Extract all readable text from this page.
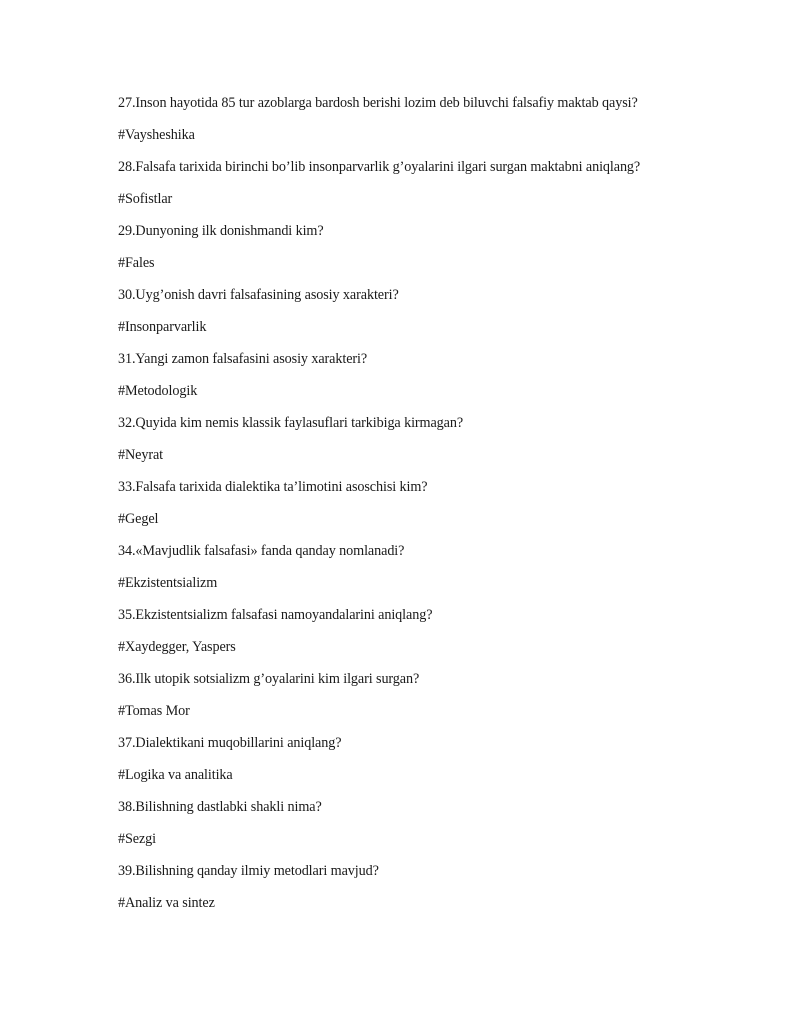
27.Inson hayotida 85 tur azoblarga bardosh berishi lozim deb biluvchi falsafiy maktab qaysi?
#Vaysheshika
28.Falsafa tarixida birinchi bo’lib insonparvarlik g’oyalarini ilgari surgan maktabni aniqlang?
#Sofistlar
29.Dunyoning ilk donishmandi kim?
#Fales
30.Uyg’onish davri falsafasining asosiy xarakteri?
#Insonparvarlik
31.Yangi zamon falsafasini asosiy xarakteri?
#Metodologik
32.Quyida kim nemis klassik faylasuflari tarkibiga kirmagan?
#Neyrat
33.Falsafa tarixida dialektika ta’limotini asoschisi kim?
#Gegel
34.«Mavjudlik falsafasi» fanda qanday nomlanadi?
#Ekzistentsializm
35.Ekzistentsializm falsafasi namoyandalarini aniqlang?
#Xaydegger, Yaspers
36.Ilk utopik sotsializm g’oyalarini kim ilgari surgan?
#Tomas Mor
37.Dialektikani muqobillarini aniqlang?
#Logika va analitika
38.Bilishning dastlabki shakli nima?
#Sezgi
39.Bilishning qanday ilmiy metodlari mavjud?
#Analiz va sintez
